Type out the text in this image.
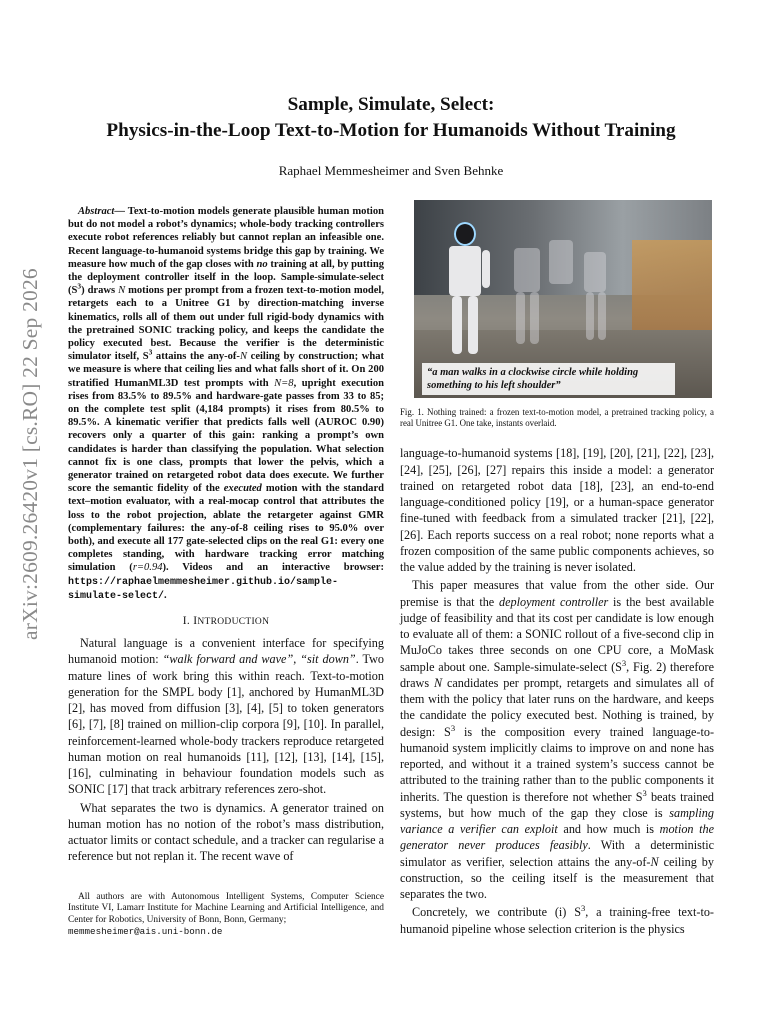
arXiv:2609.26420v1 [cs.RO] 22 Sep 2026
Sample, Simulate, Select:
Physics-in-the-Loop Text-to-Motion for Humanoids Without Training
Raphael Memmesheimer and Sven Behnke
Abstract— Text-to-motion models generate plausible human motion but do not model a robot’s dynamics; whole-body tracking controllers execute robot references reliably but cannot replan an infeasible one. Recent language-to-humanoid systems bridge this gap by training. We measure how much of the gap closes with no training at all, by putting the deployment controller itself in the loop. Sample-simulate-select $(S^3)$ draws N motions per prompt from a frozen text-to-motion model, retargets each to a Unitree G1 by direction-matching inverse kinematics, rolls all of them out under full rigid-body dynamics with the pretrained SONIC tracking policy, and keeps the candidate the policy executed best. Because the verifier is the deterministic simulator itself, $S^3$ attains the any-of-N ceiling by construction; what we measure is where that ceiling lies and what falls short of it. On 200 stratified HumanML3D test prompts with N=8, upright execution rises from 83.5% to 89.5% and hardware-gate passes from 33 to 85; on the complete test split (4,184 prompts) it rises from 80.5% to 89.5%. A kinematic verifier that predicts falls well (AUROC 0.90) recovers only a quarter of this gain: ranking a prompt’s own candidates is harder than classifying the population. What selection cannot fix is one class, prompts that lower the pelvis, which a generator trained on retargeted robot data does execute. We further score the semantic fidelity of the executed motion with the standard text–motion evaluator, with a real-mocap control that attributes the loss to the robot projection, ablate the retargeter against GMR (complementary failures: the any-of-8 ceiling rises to 95.0% over both), and execute all 177 gate-selected clips on the real G1: every one completes standing, with hardware tracking error matching simulation (r=0.94). Videos and an interactive browser: https://raphaelmemmesheimer.github.io/sample-simulate-select/.
I. INTRODUCTION

Natural language is a convenient interface for specifying humanoid motion: “walk forward and wave”, “sit down”. Two mature lines of work bring this within reach. Text-to-motion generation for the SMPL body [1], anchored by HumanML3D [2], has moved from diffusion [3], [4], [5] to token generators [6], [7], [8] trained on million-clip corpora [9], [10]. In parallel, reinforcement-learned whole-body trackers reproduce retargeted human motion on real humanoids [11], [12], [13], [14], [15], [16], culminating in behaviour foundation models such as SONIC [17] that track arbitrary references zero-shot.

What separates the two is dynamics. A generator trained on human motion has no notion of the robot’s mass distribution, actuator limits or contact schedule, and a tracker can regularise a reference but not replan it. The recent wave of

All authors are with Autonomous Intelligent Systems, Computer Science Institute VI, Lamarr Institute for Machine Learning and Artificial Intelligence, and Center for Robotics, University of Bonn, Bonn, Germany;
memmesheimer@ais.uni-bonn.de
“a man walks in a clockwise circle while holding something to his left shoulder”
Fig. 1. Nothing trained: a frozen text-to-motion model, a pretrained tracking policy, a real Unitree G1. One take, instants overlaid.

language-to-humanoid systems [18], [19], [20], [21], [22], [23], [24], [25], [26], [27] repairs this inside a model: a generator trained on retargeted robot data [18], [23], an end-to-end language-conditioned policy [19], or a human-space generator fine-tuned with feedback from a simulated tracker [21], [22], [26]. Each reports success on a real robot; none reports what a frozen composition of the same public components achieves, so the value added by the training is never isolated.

This paper measures that value from the other side. Our premise is that the deployment controller is the best available judge of feasibility and that its cost per candidate is low enough to evaluate all of them: a SONIC rollout of a five-second clip in MuJoCo takes three seconds on one CPU core, a MoMask sample about one. Sample-simulate-select ($S^3$, Fig. 2) therefore draws N candidates per prompt, retargets and simulates all of them with the policy that later runs on the hardware, and keeps the candidate the policy executed best. Nothing is trained, by design: $S^3$ is the composition every trained language-to-humanoid system implicitly claims to improve on and none has reported, and without it a trained system’s success cannot be attributed to the training rather than to the public components it inherits. The question is therefore not whether $S^3$ beats trained systems, but how much of the gap they close is sampling variance a verifier can exploit and how much is motion the generator never produces feasibly. With a deterministic simulator as verifier, selection attains the any-of-N ceiling by construction, so the ceiling itself is the measurement that separates the two.

Concretely, we contribute (i) $S^3$, a training-free text-to-humanoid pipeline whose selection criterion is the physics
